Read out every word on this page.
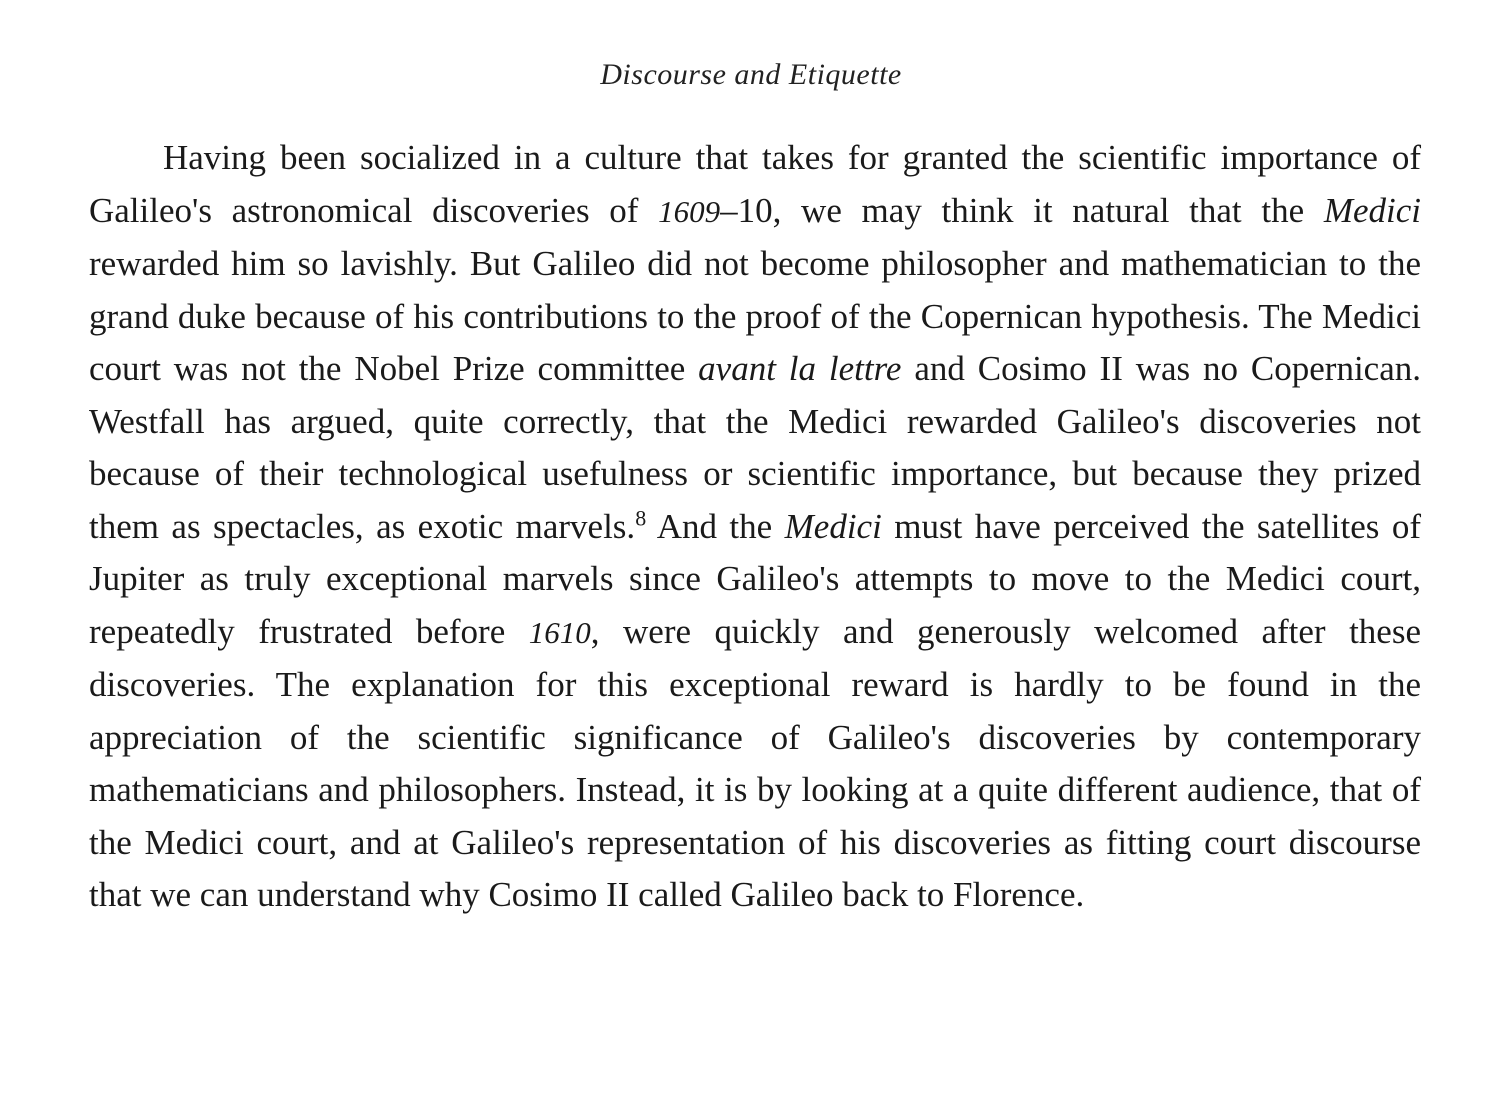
Discourse and Etiquette

Having been socialized in a culture that takes for granted the scientific importance of Galileo's astronomical discoveries of 1609–10, we may think it natural that the Medici rewarded him so lavishly. But Galileo did not become philosopher and mathematician to the grand duke because of his contributions to the proof of the Copernican hypothesis. The Medici court was not the Nobel Prize committee avant la lettre and Cosimo II was no Copernican. Westfall has argued, quite correctly, that the Medici rewarded Galileo's discoveries not because of their technological usefulness or scientific importance, but because they prized them as spectacles, as exotic marvels.$^8$ And the Medici must have perceived the satellites of Jupiter as truly exceptional marvels since Galileo's attempts to move to the Medici court, repeatedly frustrated before 1610, were quickly and generously welcomed after these discoveries. The explanation for this exceptional reward is hardly to be found in the appreciation of the scientific significance of Galileo's discoveries by contemporary mathematicians and philosophers. Instead, it is by looking at a quite different audience, that of the Medici court, and at Galileo's representation of his discoveries as fitting court discourse that we can understand why Cosimo II called Galileo back to Florence.
